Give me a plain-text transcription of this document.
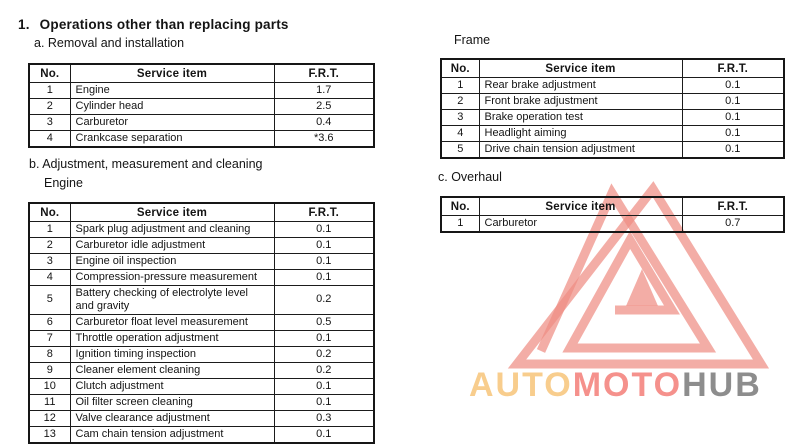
1. Operations other than replacing parts
a. Removal and installation
No.	Service item	F.R.T.
1	Engine	1.7
2	Cylinder head	2.5
3	Carburetor	0.4
4	Crankcase separation	*3.6
b. Adjustment, measurement and cleaning
Engine
No.	Service item	F.R.T.
1	Spark plug adjustment and cleaning	0.1
2	Carburetor idle adjustment	0.1
3	Engine oil inspection	0.1
4	Compression-pressure measurement	0.1
5	Battery checking of electrolyte level and gravity	0.2
6	Carburetor float level measurement	0.5
7	Throttle operation adjustment	0.1
8	Ignition timing inspection	0.2
9	Cleaner element cleaning	0.2
10	Clutch adjustment	0.1
11	Oil filter screen cleaning	0.1
12	Valve clearance adjustment	0.3
13	Cam chain tension adjustment	0.1
Frame
No.	Service item	F.R.T.
1	Rear brake adjustment	0.1
2	Front brake adjustment	0.1
3	Brake operation test	0.1
4	Headlight aiming	0.1
5	Drive chain tension adjustment	0.1
c. Overhaul
No.	Service item	F.R.T.
1	Carburetor	0.7
AUTOMOTOHUB
